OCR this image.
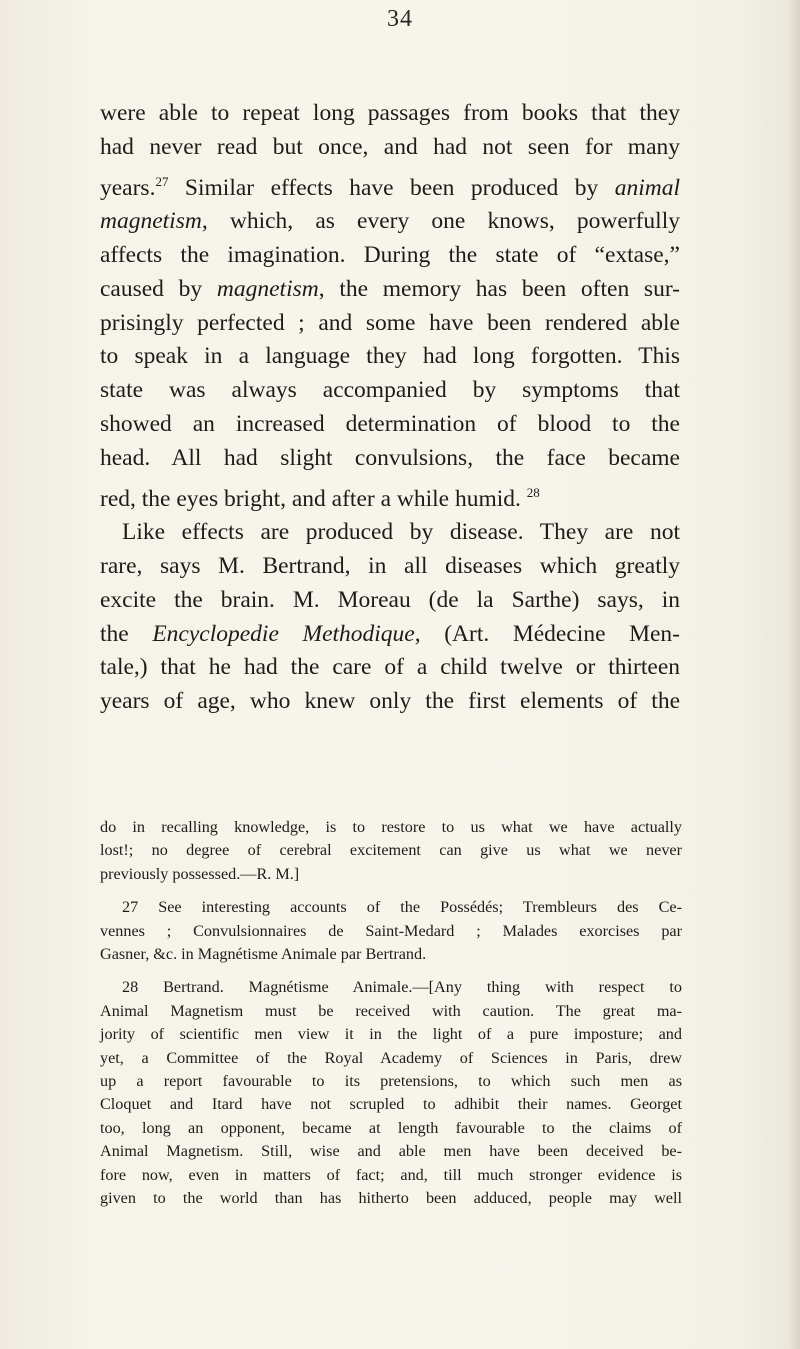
34
were able to repeat long passages from books that they
had never read but once, and had not seen for many
years.$^{27}$ Similar effects have been produced by animal
magnetism, which, as every one knows, powerfully
affects the imagination. During the state of “extase,”
caused by magnetism, the memory has been often sur-
prisingly perfected ; and some have been rendered able
to speak in a language they had long forgotten. This
state was always accompanied by symptoms that
showed an increased determination of blood to the
head. All had slight convulsions, the face became
red, the eyes bright, and after a while humid. $^{28}$
Like effects are produced by disease. They are not
rare, says M. Bertrand, in all diseases which greatly
excite the brain. M. Moreau (de la Sarthe) says, in
the Encyclopedie Methodique, (Art. Médecine Men-
tale,) that he had the care of a child twelve or thirteen
years of age, who knew only the first elements of the
do in recalling knowledge, is to restore to us what we have actually
lost!; no degree of cerebral excitement can give us what we never
previously possessed.—R. M.]
27 See interesting accounts of the Possédés; Trembleurs des Ce-
vennes ; Convulsionnaires de Saint-Medard ; Malades exorcises par
Gasner, &c. in Magnétisme Animale par Bertrand.
28 Bertrand. Magnétisme Animale.—[Any thing with respect to
Animal Magnetism must be received with caution. The great ma-
jority of scientific men view it in the light of a pure imposture; and
yet, a Committee of the Royal Academy of Sciences in Paris, drew
up a report favourable to its pretensions, to which such men as
Cloquet and Itard have not scrupled to adhibit their names. Georget
too, long an opponent, became at length favourable to the claims of
Animal Magnetism. Still, wise and able men have been deceived be-
fore now, even in matters of fact; and, till much stronger evidence is
given to the world than has hitherto been adduced, people may well
